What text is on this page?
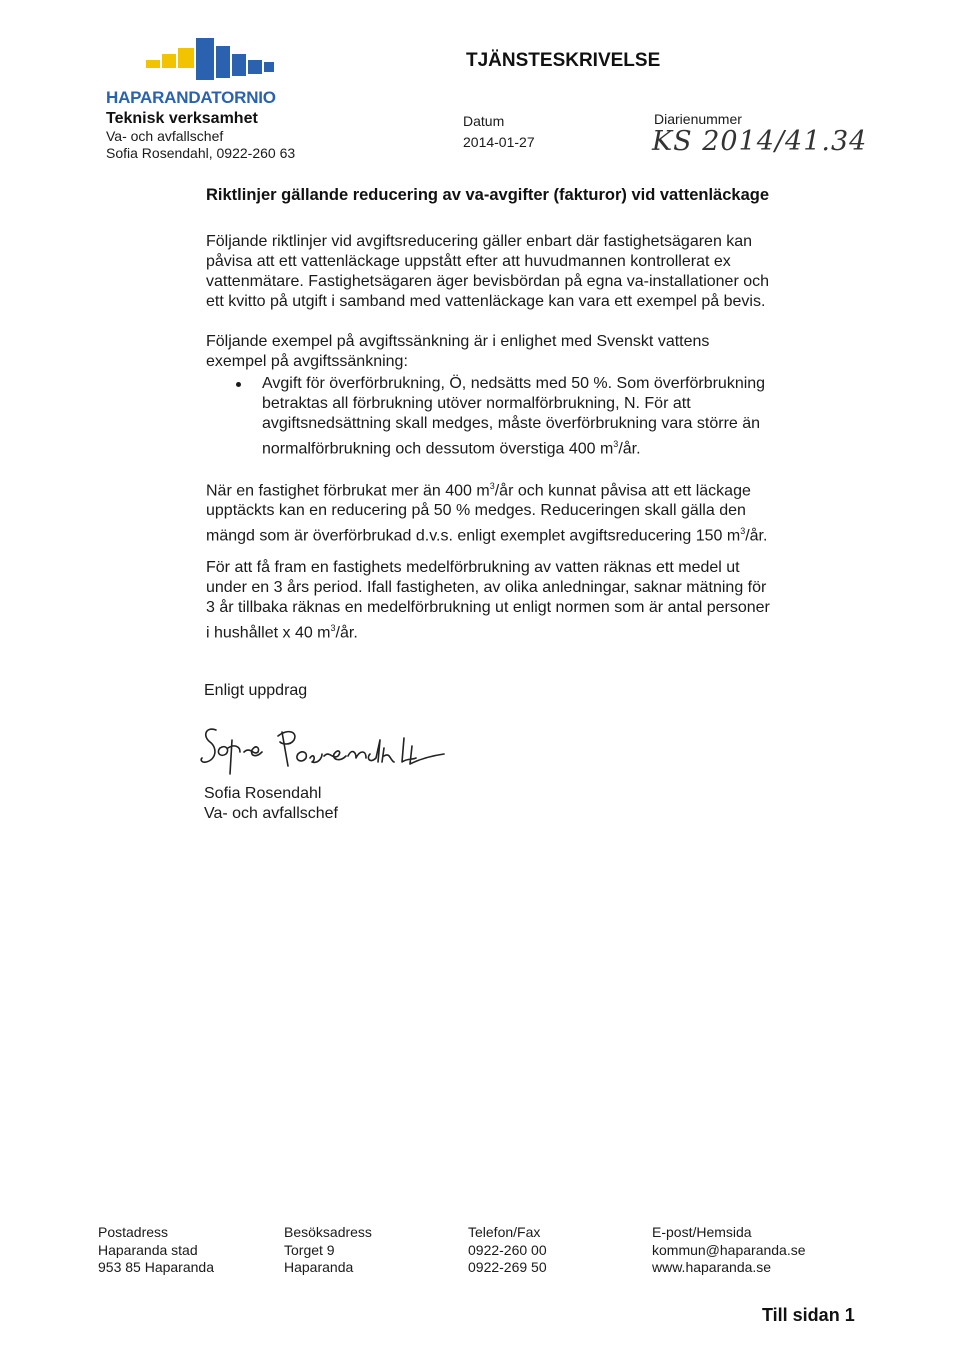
HAPARANDATORNIO
Teknisk verksamhet
Va- och avfallschef
Sofia Rosendahl, 0922-260 63
TJÄNSTESKRIVELSE
Datum
2014-01-27
Diarienummer
KS 2014/41.34
Riktlinjer gällande reducering av va-avgifter (fakturor) vid vattenläckage
Följande riktlinjer vid avgiftsreducering gäller enbart där fastighetsägaren kan
påvisa att ett vattenläckage uppstått efter att huvudmannen kontrollerat ex
vattenmätare. Fastighetsägaren äger bevisbördan på egna va-installationer och
ett kvitto på utgift i samband med vattenläckage kan vara ett exempel på bevis.
Följande exempel på avgiftssänkning är i enlighet med Svenskt vattens
exempel på avgiftssänkning:
Avgift för överförbrukning, Ö, nedsätts med 50 %. Som överförbrukning
betraktas all förbrukning utöver normalförbrukning, N. För att
avgiftsnedsättning skall medges, måste överförbrukning vara större än
normalförbrukning och dessutom överstiga 400 $m^3/år$.
När en fastighet förbrukat mer än 400 $m^3/år$ och kunnat påvisa att ett läckage
upptäckts kan en reducering på 50 % medges. Reduceringen skall gälla den
mängd som är överförbrukad d.v.s. enligt exemplet avgiftsreducering 150 $m^3/år$.
För att få fram en fastighets medelförbrukning av vatten räknas ett medel ut
under en 3 års period. Ifall fastigheten, av olika anledningar, saknar mätning för
3 år tillbaka räknas en medelförbrukning ut enligt normen som är antal personer
i hushållet x 40 $m^3/år$.
Enligt uppdrag
Sofia Rosendahl
Va- och avfallschef
Postadress
Haparanda stad
953 85 Haparanda
Besöksadress
Torget 9
Haparanda
Telefon/Fax
0922-260 00
0922-269 50
E-post/Hemsida
kommun@haparanda.se
www.haparanda.se
Till sidan 1
